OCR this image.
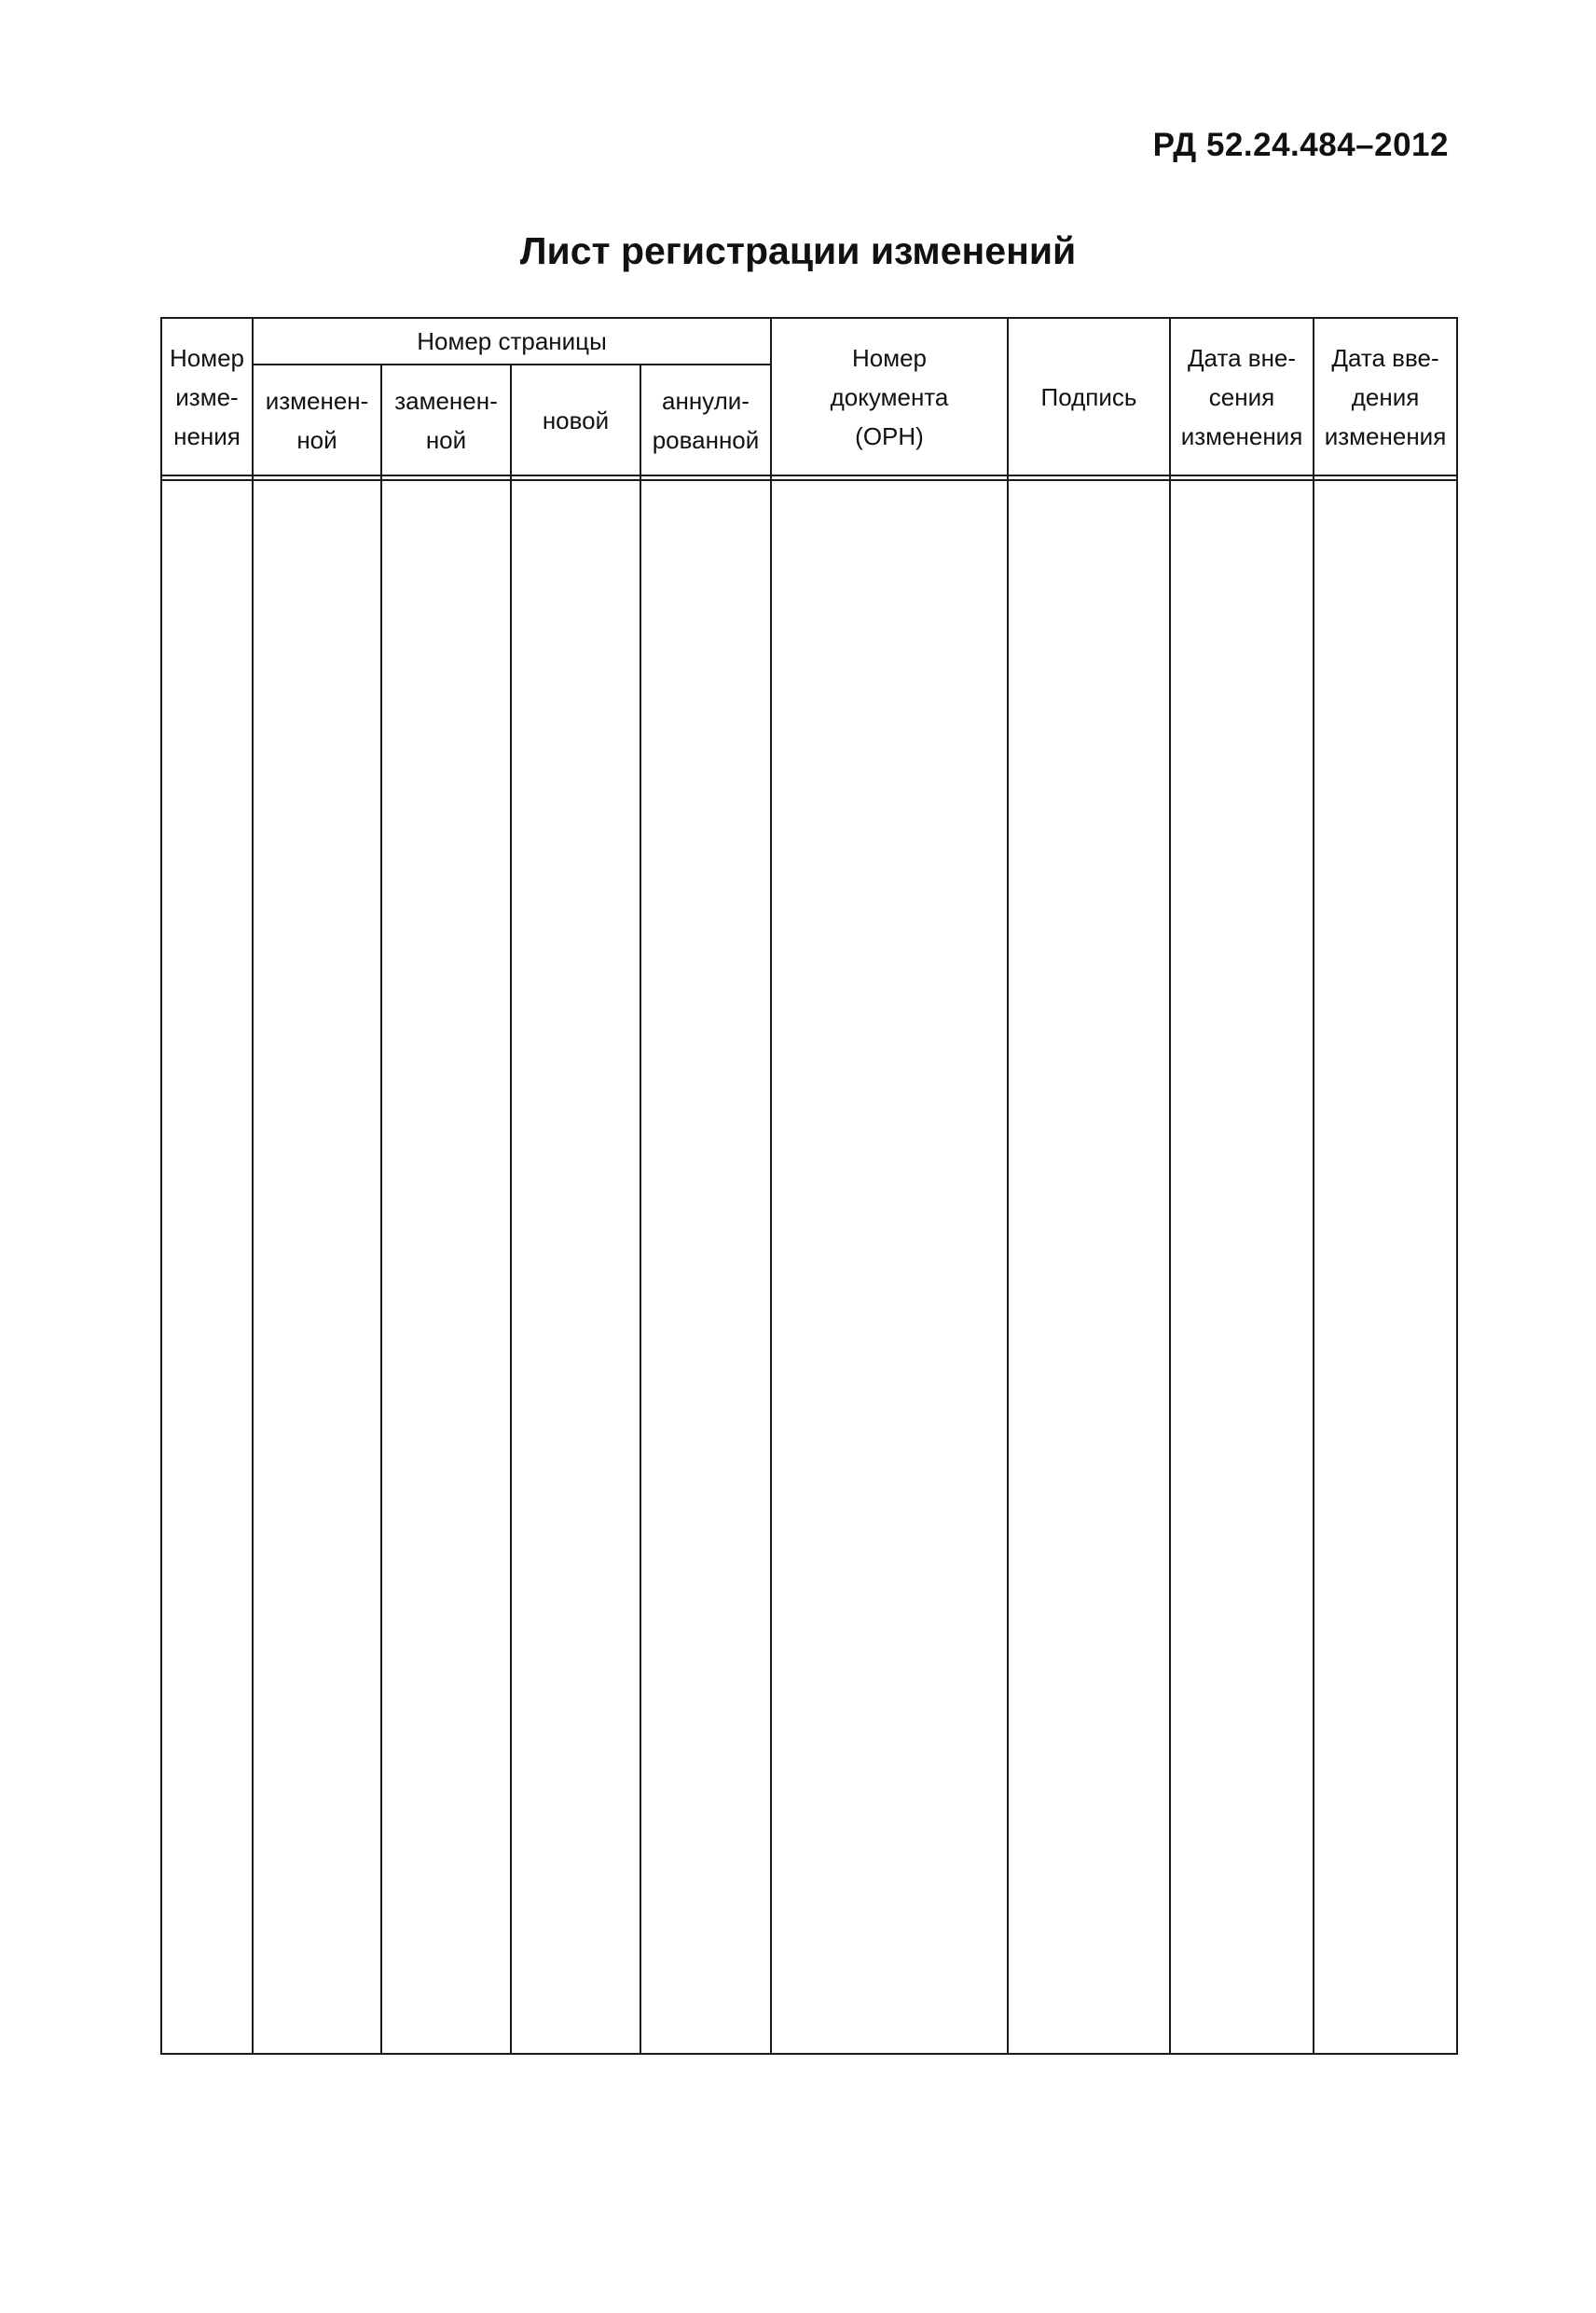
РД 52.24.484–2012
Лист регистрации изменений
Номер
изме-
нения
Номер страницы
изменен-
ной
заменен-
ной
новой
аннули-
рованной
Номер
документа
(ОРН)
Подпись
Дата вне-
сения
изменения
Дата вве-
дения
изменения
